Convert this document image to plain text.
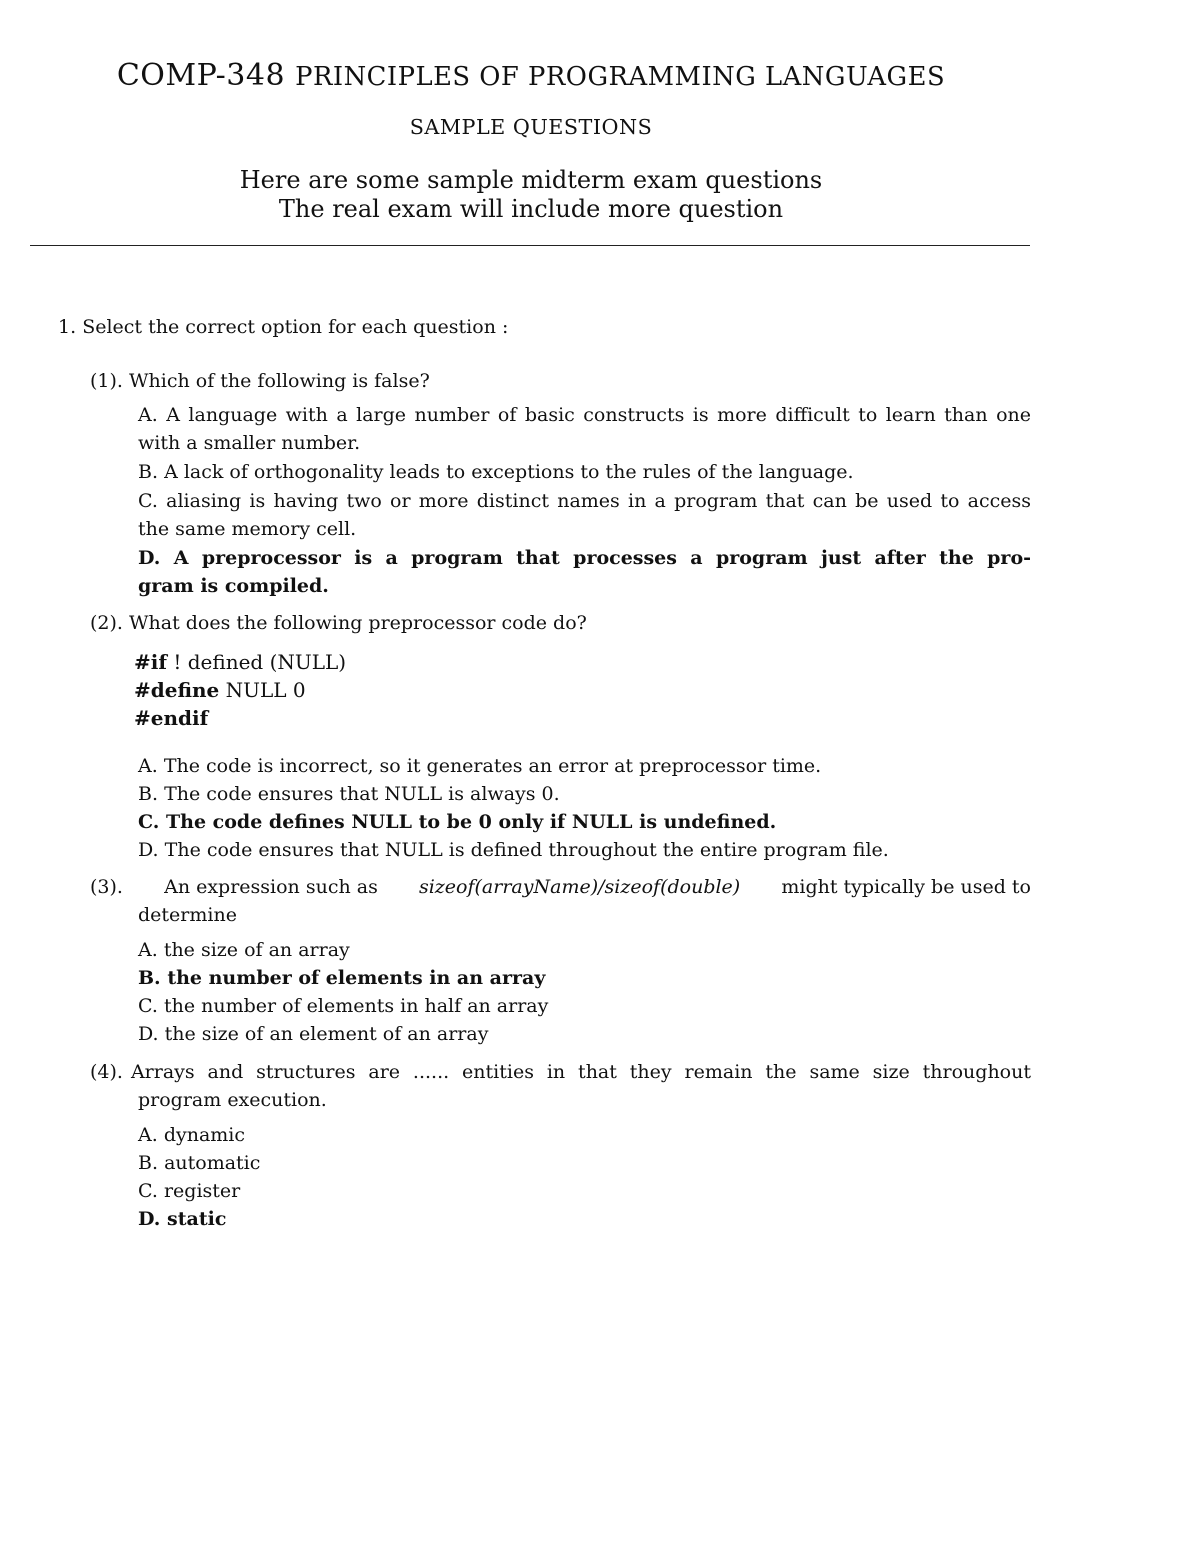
COMP-348 PRINCIPLES OF PROGRAMMING LANGUAGES
SAMPLE QUESTIONS
Here are some sample midterm exam questions
The real exam will include more question
1. Select the correct option for each question :
(1). Which of the following is false?
A. A language with a large number of basic constructs is more difficult to learn than one
with a smaller number.
B. A lack of orthogonality leads to exceptions to the rules of the language.
C. aliasing is having two or more distinct names in a program that can be used to access
the same memory cell.
D. A preprocessor is a program that processes a program just after the pro-
gram is compiled.
(2). What does the following preprocessor code do?
#if ! defined (NULL)
#define NULL 0
#endif
A. The code is incorrect, so it generates an error at preprocessor time.
B. The code ensures that NULL is always 0.
C. The code defines NULL to be 0 only if NULL is undefined.
D. The code ensures that NULL is defined throughout the entire program file.
(3). An expression such as sizeof(arrayName)/sizeof(double) might typically be used to
determine
A. the size of an array
B. the number of elements in an array
C. the number of elements in half an array
D. the size of an element of an array
(4). Arrays and structures are ...... entities in that they remain the same size throughout
program execution.
A. dynamic
B. automatic
C. register
D. static
